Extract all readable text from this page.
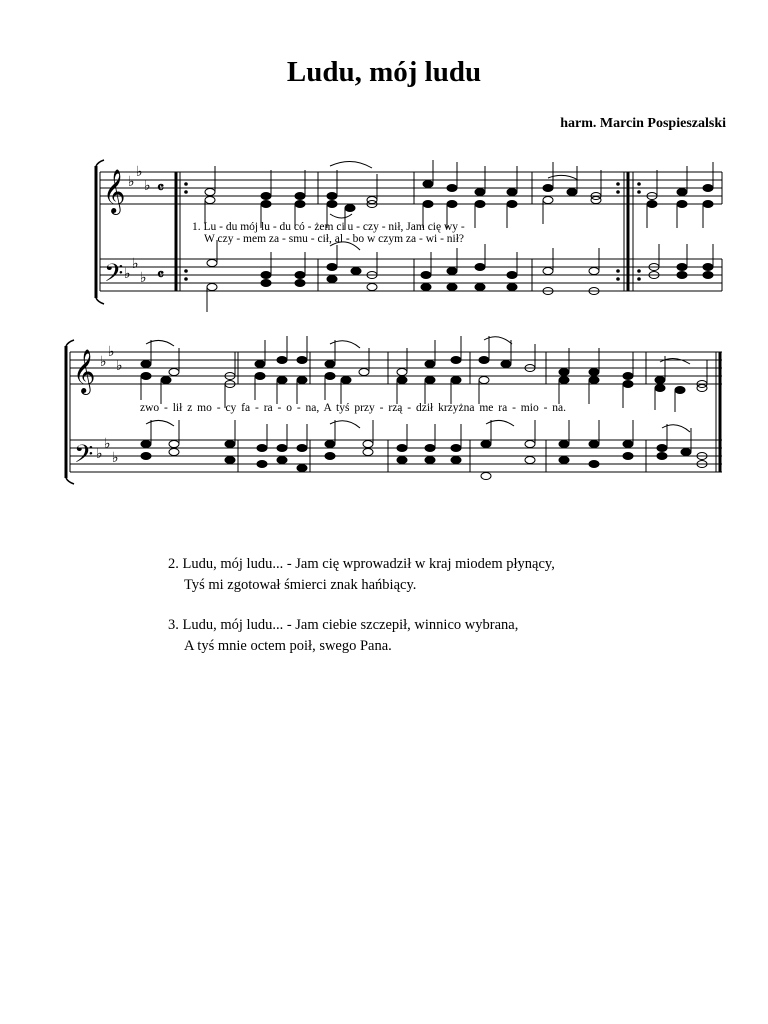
Ludu, mój ludu
harm. Marcin Pospieszalski
𝄞
𝄢
♭
♭
♭
♭
♭
♭
𝄴
𝄴
𝄞
𝄢
♭
♭
♭
♭
♭
♭
1. Lu - du mój lu - du có - żem ci u - czy - nił, Jam cię wy -
W czy - mem za - smu - cił, al - bo w czym za - wi - nił?
zwo - lił z mo - cy fa - ra - o - na, A tyś przy - rzą - dził krzyżna me ra - mio - na.
2. Ludu, mój ludu... - Jam cię wprowadził w kraj miodem płynący,
Tyś mi zgotował śmierci znak hańbiący.
3. Ludu, mój ludu... - Jam ciebie szczepił, winnico wybrana,
A tyś mnie octem poił, swego Pana.
